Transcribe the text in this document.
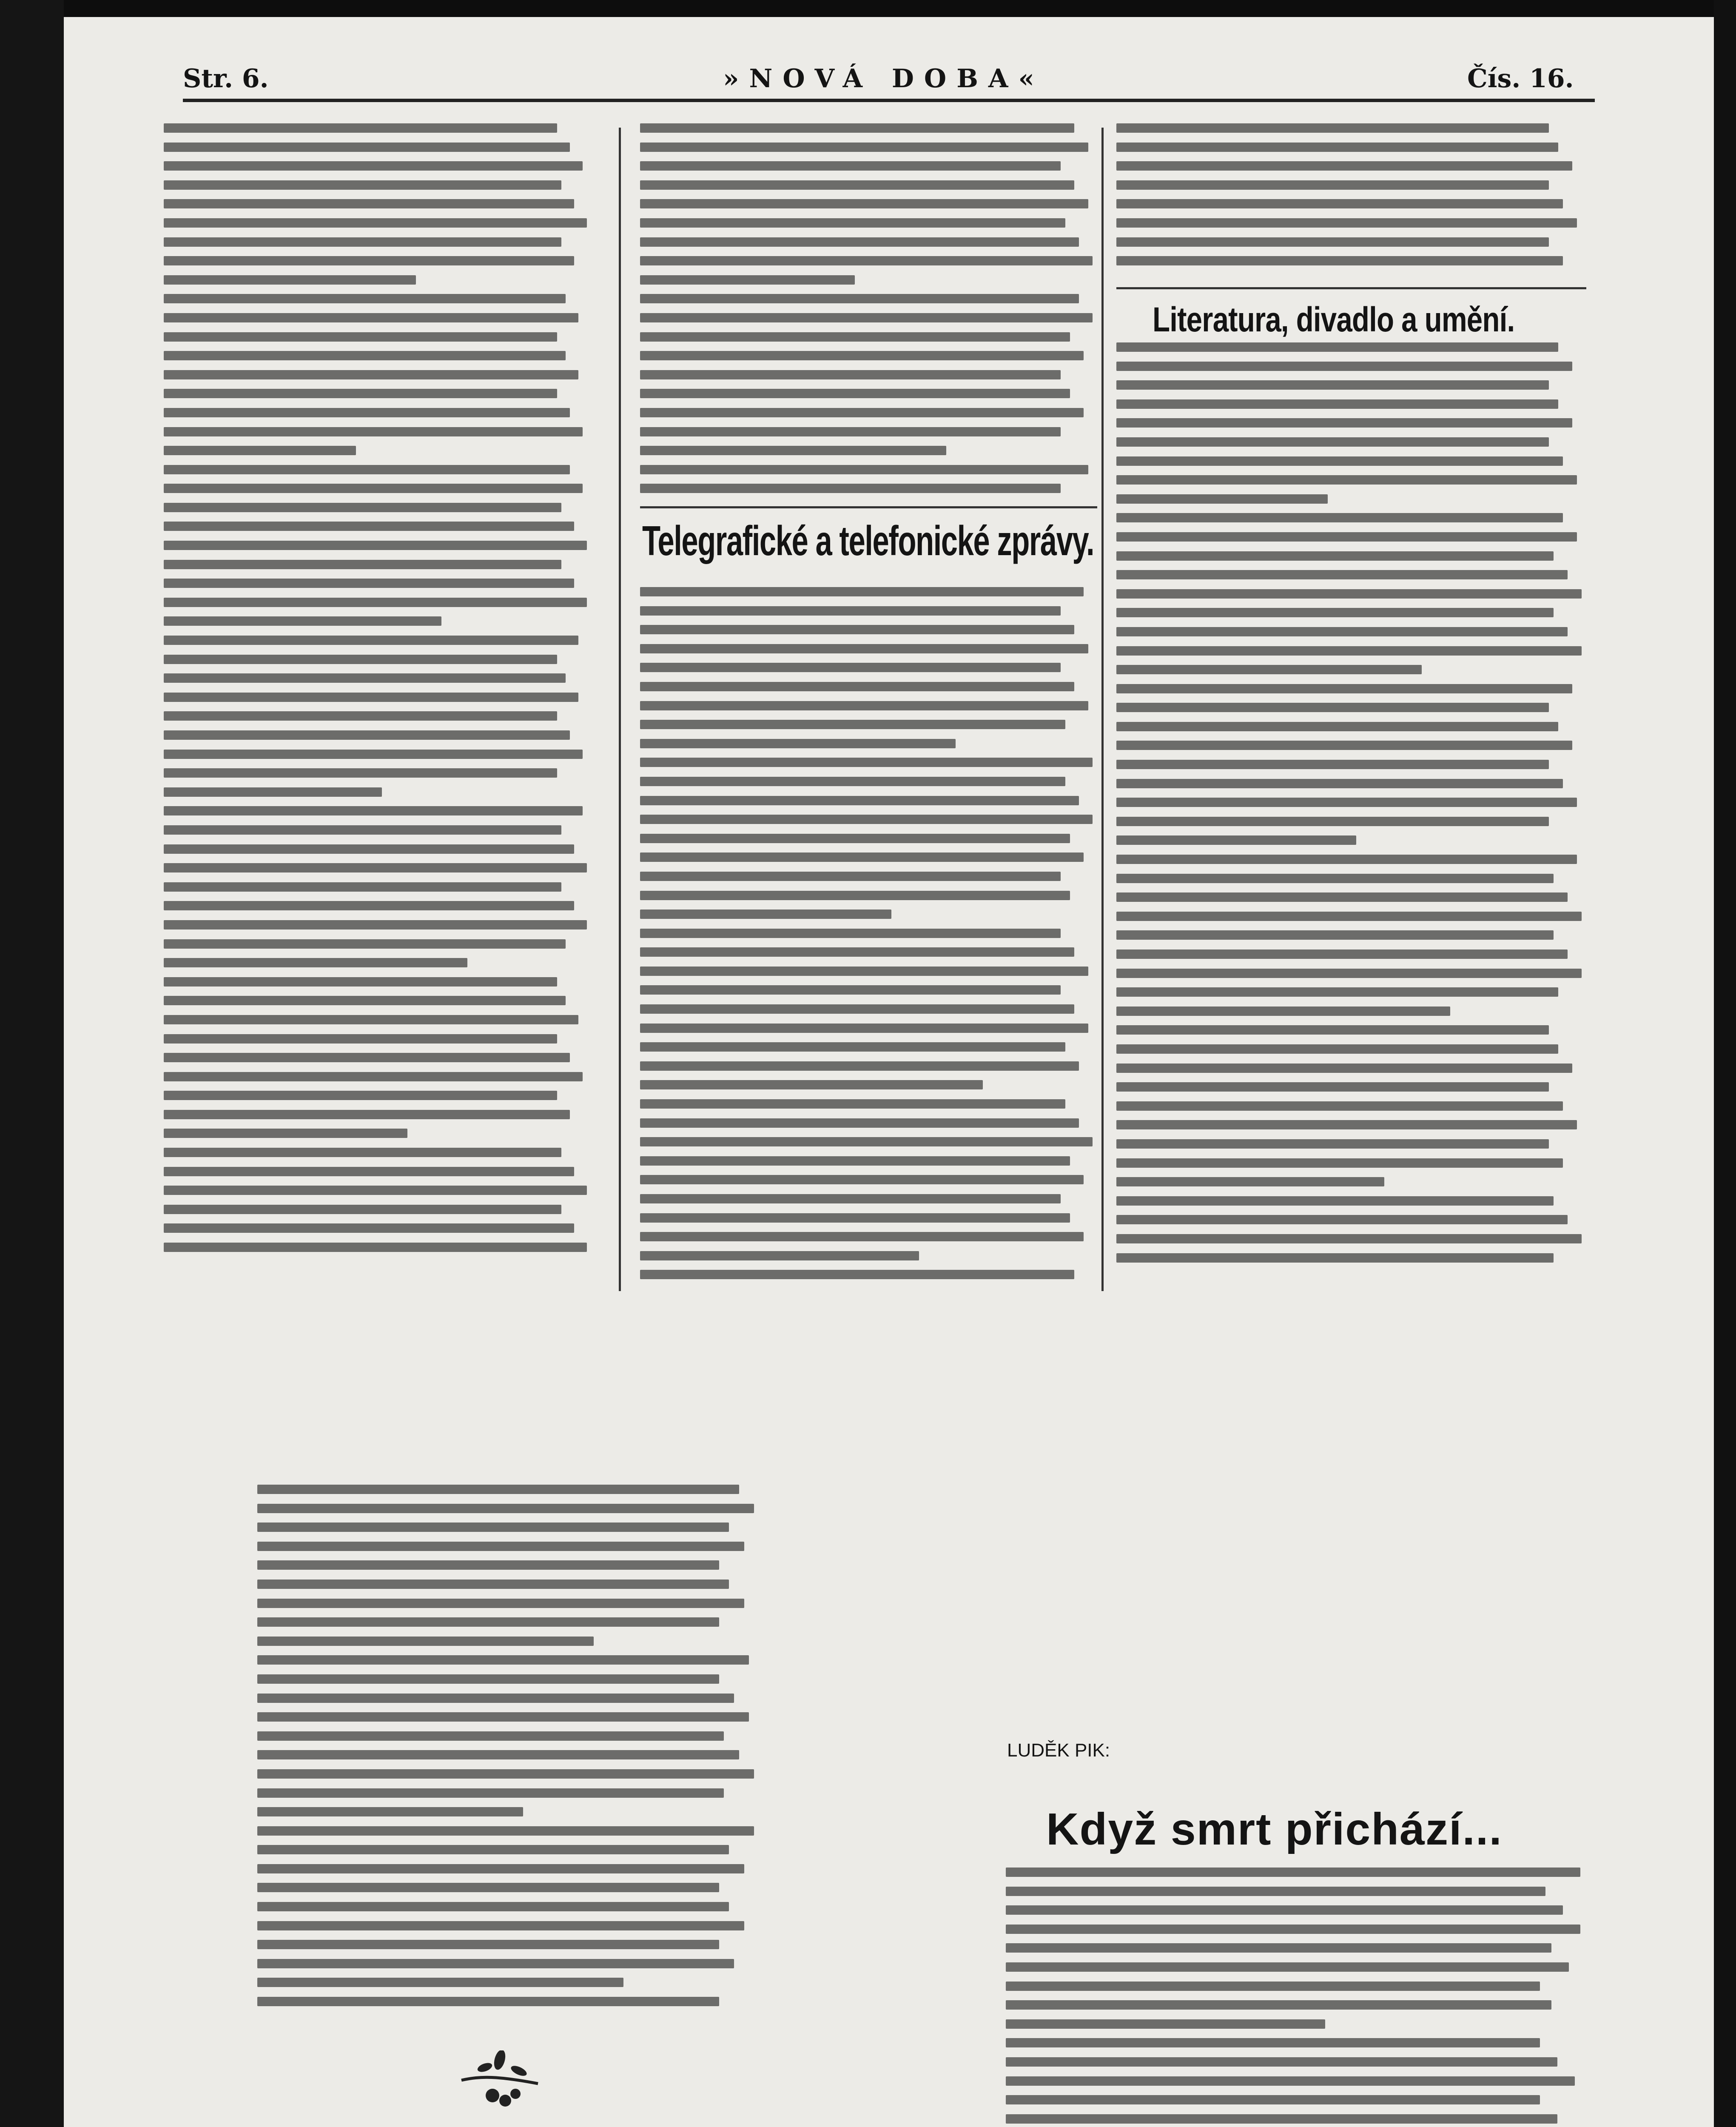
Str. 6.	»NOVÁ DOBA«	Čís. 16.
Literatura, divadlo a umění.
Telegrafické a telefonické zprávy.
LUDĚK PIK:
Když smrt přichází...
